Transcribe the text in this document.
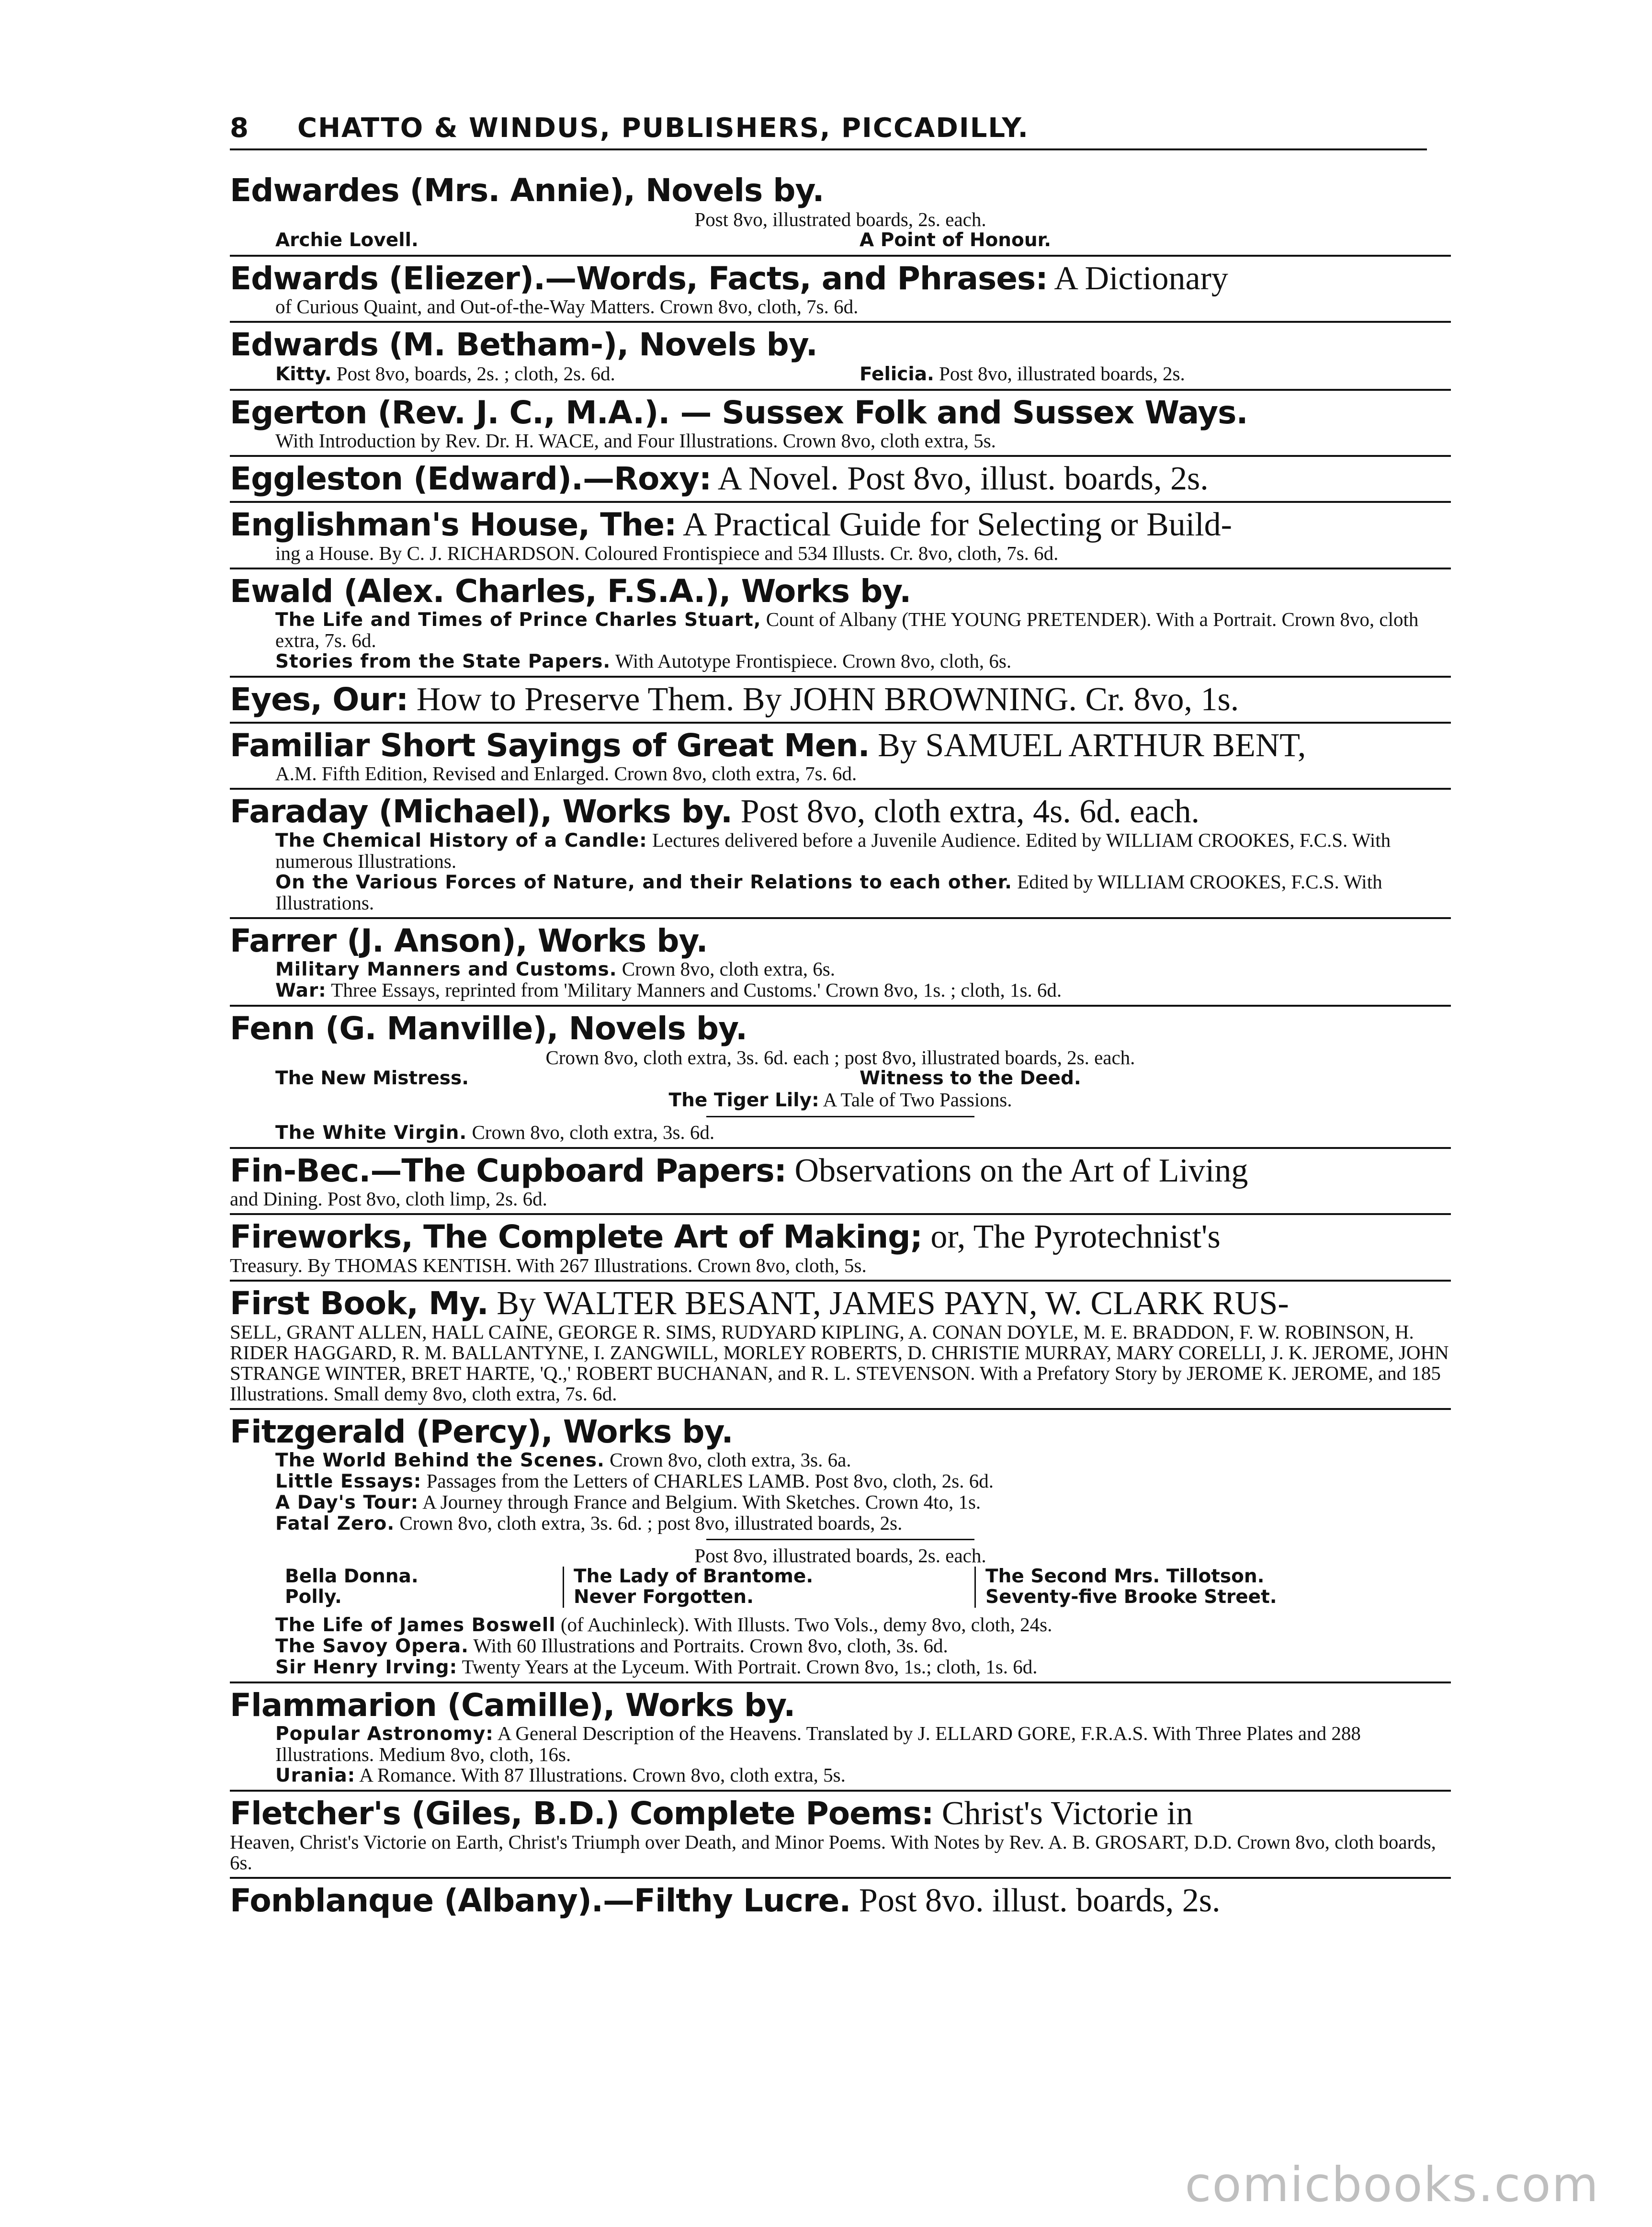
8 CHATTO & WINDUS, PUBLISHERS, PICCADILLY.
Edwardes (Mrs. Annie), Novels by.
Post 8vo, illustrated boards, 2s. each.
Archie Lovell.	A Point of Honour.
Edwards (Eliezer).—Words, Facts, and Phrases: A Dictionary
of Curious Quaint, and Out-of-the-Way Matters. Crown 8vo, cloth, 7s. 6d.
Edwards (M. Betham-), Novels by.
Kitty. Post 8vo, boards, 2s. ; cloth, 2s. 6d.	Felicia. Post 8vo, illustrated boards, 2s.
Egerton (Rev. J. C., M.A.). — Sussex Folk and Sussex Ways.
With Introduction by Rev. Dr. H. WACE, and Four Illustrations. Crown 8vo, cloth extra, 5s.
Eggleston (Edward).—Roxy: A Novel. Post 8vo, illust. boards, 2s.
Englishman's House, The: A Practical Guide for Selecting or Build-
ing a House. By C. J. RICHARDSON. Coloured Frontispiece and 534 Illusts. Cr. 8vo, cloth, 7s. 6d.
Ewald (Alex. Charles, F.S.A.), Works by.
The Life and Times of Prince Charles Stuart, Count of Albany (THE YOUNG PRETENDER). With a Portrait. Crown 8vo, cloth extra, 7s. 6d.
Stories from the State Papers. With Autotype Frontispiece. Crown 8vo, cloth, 6s.
Eyes, Our: How to Preserve Them. By JOHN BROWNING. Cr. 8vo, 1s.
Familiar Short Sayings of Great Men. By SAMUEL ARTHUR BENT,
A.M. Fifth Edition, Revised and Enlarged. Crown 8vo, cloth extra, 7s. 6d.
Faraday (Michael), Works by. Post 8vo, cloth extra, 4s. 6d. each.
The Chemical History of a Candle: Lectures delivered before a Juvenile Audience. Edited by WILLIAM CROOKES, F.C.S. With numerous Illustrations.
On the Various Forces of Nature, and their Relations to each other. Edited by WILLIAM CROOKES, F.C.S. With Illustrations.
Farrer (J. Anson), Works by.
Military Manners and Customs. Crown 8vo, cloth extra, 6s.
War: Three Essays, reprinted from 'Military Manners and Customs.' Crown 8vo, 1s. ; cloth, 1s. 6d.
Fenn (G. Manville), Novels by.
Crown 8vo, cloth extra, 3s. 6d. each ; post 8vo, illustrated boards, 2s. each.
The New Mistress.	Witness to the Deed.
The Tiger Lily: A Tale of Two Passions.
The White Virgin. Crown 8vo, cloth extra, 3s. 6d.
Fin-Bec.—The Cupboard Papers: Observations on the Art of Living
and Dining. Post 8vo, cloth limp, 2s. 6d.
Fireworks, The Complete Art of Making; or, The Pyrotechnist's
Treasury. By THOMAS KENTISH. With 267 Illustrations. Crown 8vo, cloth, 5s.
First Book, My. By WALTER BESANT, JAMES PAYN, W. CLARK RUS-
SELL, GRANT ALLEN, HALL CAINE, GEORGE R. SIMS, RUDYARD KIPLING, A. CONAN DOYLE, M. E. BRADDON, F. W. ROBINSON, H. RIDER HAGGARD, R. M. BALLANTYNE, I. ZANGWILL, MORLEY ROBERTS, D. CHRISTIE MURRAY, MARY CORELLI, J. K. JEROME, JOHN STRANGE WINTER, BRET HARTE, 'Q.,' ROBERT BUCHANAN, and R. L. STEVENSON. With a Prefatory Story by JEROME K. JEROME, and 185 Illustrations. Small demy 8vo, cloth extra, 7s. 6d.
Fitzgerald (Percy), Works by.
The World Behind the Scenes. Crown 8vo, cloth extra, 3s. 6a.
Little Essays: Passages from the Letters of CHARLES LAMB. Post 8vo, cloth, 2s. 6d.
A Day's Tour: A Journey through France and Belgium. With Sketches. Crown 4to, 1s.
Fatal Zero. Crown 8vo, cloth extra, 3s. 6d. ; post 8vo, illustrated boards, 2s.
Post 8vo, illustrated boards, 2s. each.
Bella Donna.	The Lady of Brantome.	The Second Mrs. Tillotson.
Polly.	Never Forgotten.	Seventy-five Brooke Street.
The Life of James Boswell (of Auchinleck). With Illusts. Two Vols., demy 8vo, cloth, 24s.
The Savoy Opera. With 60 Illustrations and Portraits. Crown 8vo, cloth, 3s. 6d.
Sir Henry Irving: Twenty Years at the Lyceum. With Portrait. Crown 8vo, 1s.; cloth, 1s. 6d.
Flammarion (Camille), Works by.
Popular Astronomy: A General Description of the Heavens. Translated by J. ELLARD GORE, F.R.A.S. With Three Plates and 288 Illustrations. Medium 8vo, cloth, 16s.
Urania: A Romance. With 87 Illustrations. Crown 8vo, cloth extra, 5s.
Fletcher's (Giles, B.D.) Complete Poems: Christ's Victorie in
Heaven, Christ's Victorie on Earth, Christ's Triumph over Death, and Minor Poems. With Notes by Rev. A. B. GROSART, D.D. Crown 8vo, cloth boards, 6s.
Fonblanque (Albany).—Filthy Lucre. Post 8vo. illust. boards, 2s.
comicbooks.com
